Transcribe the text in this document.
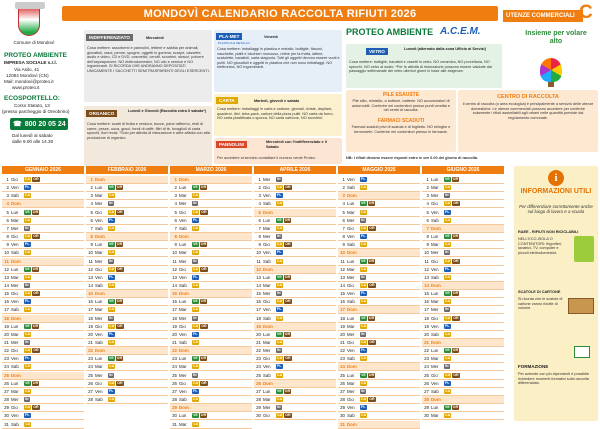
MONDOVÌ CALENDARIO RACCOLTA RIFIUTI 2026	UTENZE COMMERCIALI C
Comune di Mondovì
PROTEO AMBIENTE
IMPRESA SOCIALE s.r.l.
Via Asilo, 41
12084 Mondovì (CN)
Mail: mondovi@proteo.it
www.proteo.it
ECOSPORTELLO:
Corso Statuto, 13
(presso parcheggio di Oreobrino)
☎ 800 20 05 24
Dal lunedì al sabato
dalle 9.00 alle 14.30
INDIFFERENZIATO	Mercoledì
Cosa mettere: assorbenti e pannolini, lettiere e sabbia per animali, giocattoli, rasoi, penne, spugne, oggetti in gomma, scarpe, cassette audio e video, CD e DVD, cosmetici, cerotti, scontrini, stracci, polvere dell'aspirapolvere. NO elettrodomestici, NO olio e vernice e NO ingombranti. SI RICORDA CHE ANDRANNO DEPOSITATI UNICAMENTE I SACCHETTI SEMITRASPARENTI DEGLI ESERCENTI.
ORGANICO	Lunedì e Giovedì (Raccolta extra il sabato*)
Cosa mettere: scarti di frutta e verdura, bucce, pane raffermo, resti di carne, pesce, uova, gusci, fondi di caffè, filtri di tè, tovaglioli di carta sporchi, fiori recisi. *Solo per attività di ristorazione e altre attività con alta produzione di organico.
PLA-MET
PLASTICA E METALLO
Venerdì
Cosa mettere: imballaggi in plastica e metallo, bottiglie, flaconi, vaschette, piatti e bicchieri monouso, retine per la frutta, lattine, scatolette, barattoli, carta stagnola. Tutti gli oggetti devono essere vuoti e puliti. NO giocattoli e oggetti in plastica che non sono imballaggi. NO elettronica, NO ingombranti.
CARTA	Martedì, giovedì e sabato
Cosa mettere: imballaggi in carta e cartone, giornali, riviste, depliant, quaderni, libri, tetra-pack, cartoni della pizza puliti. NO carta da forno, NO carta plastificata o sporca, NO carta carbone, NO scontrini.
PANNOLINI	Mercoledì con l'indifferenziato e il Sabato
Per accedere al servizio contattare il numero verde Proteo.
PROTEO AMBIENTE A.C.E.M.	Insieme per volare alto
VETRO	Lunedì (alternato dalla zona Ufficio ai Servizi)
Cosa mettere: bottiglie, barattoli e vasetti in vetro. NO ceramica, NO porcellana, NO specchi, NO vetro al sodio. *Per le attività di ristorazione possono essere valutate dal passaggio settimanale del vetro ulteriori giorni in base alle esigenze.
PILE ESAUSTE
Pile stilo, ministilo, a bottone, batterie. NO accumulatori di automobili. Conferire nei contenitori presso punti vendita e nei centri di raccolta.
FARMACI SCADUTI
Farmaci scaduti privi di scatola e di foglietto. NO siringhe e termometri. Conferire nei contenitori presso le farmacie.
CENTRO DI RACCOLTA
Il centro di raccolta (o area ecologica) è principalmente a servizio delle utenze domestiche. Le utenze commerciali possono accedere per conferire solamente i rifiuti assimilabili agli urbani nelle quantità previste dal regolamento comunale.
NB: I rifiuti devono essere esposti entro le ore 6.00 del giorno di raccolta.
GENNAIO 2026
1 Gio	CA OR
2 Ven	PL
3 Sab	CA
4 Dom
5 Lun	VE OR
6 Mar	CA
7 Mer	IN
8 Gio	CA OR
9 Ven	PL
10 Sab	CA
11 Dom
12 Lun	VE OR
13 Mar	CA
14 Mer	IN
15 Gio	CA OR
16 Ven	PL
17 Sab	CA
18 Dom
19 Lun	VE OR
20 Mar	CA
21 Mer	IN
22 Gio	CA OR
23 Ven	PL
24 Sab	CA
25 Dom
26 Lun	VE OR
27 Mar	CA
28 Mer	IN
29 Gio	CA OR
30 Ven	PL
31 Sab	CA
FEBBRAIO 2026
1 Dom
2 Lun	VE OR
3 Mar	CA
4 Mer	IN
5 Gio	CA OR
6 Ven	PL
7 Sab	CA
8 Dom
9 Lun	VE OR
10 Mar	CA
11 Mer	IN
12 Gio	CA OR
13 Ven	PL
14 Sab	CA
15 Dom
16 Lun	VE OR
17 Mar	CA
18 Mer	IN
19 Gio	CA OR
20 Ven	PL
21 Sab	CA
22 Dom
23 Lun	VE OR
24 Mar	CA
25 Mer	IN
26 Gio	CA OR
27 Ven	PL
28 Sab	CA
MARZO 2026
1 Dom
2 Lun	VE OR
3 Mar	CA
4 Mer	IN
5 Gio	CA OR
6 Ven	PL
7 Sab	CA
8 Dom
9 Lun	VE OR
10 Mar	CA
11 Mer	IN
12 Gio	CA OR
13 Ven	PL
14 Sab	CA
15 Dom
16 Lun	VE OR
17 Mar	CA
18 Mer	IN
19 Gio	CA OR
20 Ven	PL
21 Sab	CA
22 Dom
23 Lun	VE OR
24 Mar	CA
25 Mer	IN
26 Gio	CA OR
27 Ven	PL
28 Sab	CA
29 Dom
30 Lun	VE OR
31 Mar	CA
APRILE 2026
1 Mer	IN
2 Gio	CA OR
3 Ven	PL
4 Sab	CA
5 Dom
6 Lun	VE OR
7 Mar	CA
8 Mer	IN
9 Gio	CA OR
10 Ven	PL
11 Sab	CA
12 Dom
13 Lun	VE OR
14 Mar	CA
15 Mer	IN
16 Gio	CA OR
17 Ven	PL
18 Sab	CA
19 Dom
20 Lun	VE OR
21 Mar	CA
22 Mer	IN
23 Gio	CA OR
24 Ven	PL
25 Sab	CA
26 Dom
27 Lun	VE OR
28 Mar	CA
29 Mer	IN
30 Gio	CA OR
MAGGIO 2026
1 Ven	PL
2 Sab	CA
3 Dom
4 Lun	VE OR
5 Mar	CA
6 Mer	IN
7 Gio	CA OR
8 Ven	PL
9 Sab	CA
10 Dom
11 Lun	VE OR
12 Mar	CA
13 Mer	IN
14 Gio	CA OR
15 Ven	PL
16 Sab	CA
17 Dom
18 Lun	VE OR
19 Mar	CA
20 Mer	IN
21 Gio	CA OR
22 Ven	PL
23 Sab	CA
24 Dom
25 Lun	VE OR
26 Mar	CA
27 Mer	IN
28 Gio	CA OR
29 Ven	PL
30 Sab	CA
31 Dom
GIUGNO 2026
1 Lun	VE OR
2 Mar	CA
3 Mer	IN
4 Gio	CA OR
5 Ven	PL
6 Sab	CA
7 Dom
8 Lun	VE OR
9 Mar	CA
10 Mer	IN
11 Gio	CA OR
12 Ven	PL
13 Sab	CA
14 Dom
15 Lun	VE OR
16 Mar	CA
17 Mer	IN
18 Gio	CA OR
19 Ven	PL
20 Sab	CA
21 Dom
22 Lun	VE OR
23 Mar	CA
24 Mer	IN
25 Gio	CA OR
26 Ven	PL
27 Sab	CA
28 Dom
29 Lun	VE OR
30 Mar	CA
i
INFORMAZIONI UTILI
Per differenziare correttamente anche sul luogo di lavoro e a scuola
RAEE - RIFIUTI NON RICICLABILI
NELL'ECO-ISOLA O CONTENITORI: frigoriferi, lavatrici, TV, computer e piccoli elettrodomestici.
SCATOLE DI CARTONE
Si ricorda che le scatole di cartone vanno ridotte di volume.
FORMAZIONE
Per aziende con più dipendenti è possibile richiedere momenti formativi sulla raccolta differenziata.
